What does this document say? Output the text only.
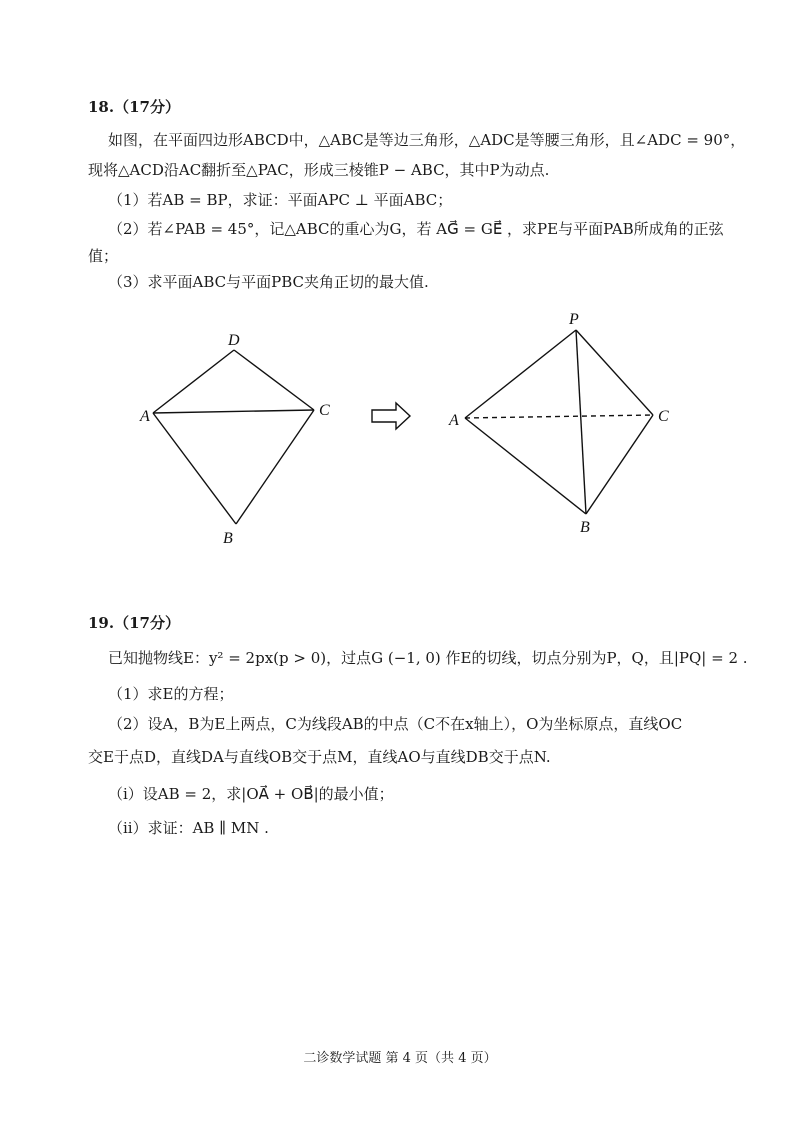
18.（17分）
如图，在平面四边形ABCD中，△ABC是等边三角形，△ADC是等腰三角形，且∠ADC = 90°，
现将△ACD沿AC翻折至△PAC，形成三棱锥P − ABC，其中P为动点.
（1）若AB = BP，求证：平面APC ⊥ 平面ABC；
（2）若∠PAB = 45°，记△ABC的重心为G，若 AG⃗ = GE⃗ ，求PE与平面PAB所成角的正弦
值；
（3）求平面ABC与平面PBC夹角正切的最大值.
D
A	C
B
P
A	C
B
19.（17分）
已知抛物线E：y² = 2px(p > 0)，过点G (−1, 0) 作E的切线，切点分别为P，Q，且|PQ| = 2 .
（1）求E的方程；
（2）设A，B为E上两点，C为线段AB的中点（C不在x轴上），O为坐标原点，直线OC
交E于点D，直线DA与直线OB交于点M，直线AO与直线DB交于点N.
（i）设AB = 2，求|OA⃗ + OB⃗|的最小值；
（ii）求证：AB ∥ MN .
二诊数学试题 第 4 页（共 4 页）
